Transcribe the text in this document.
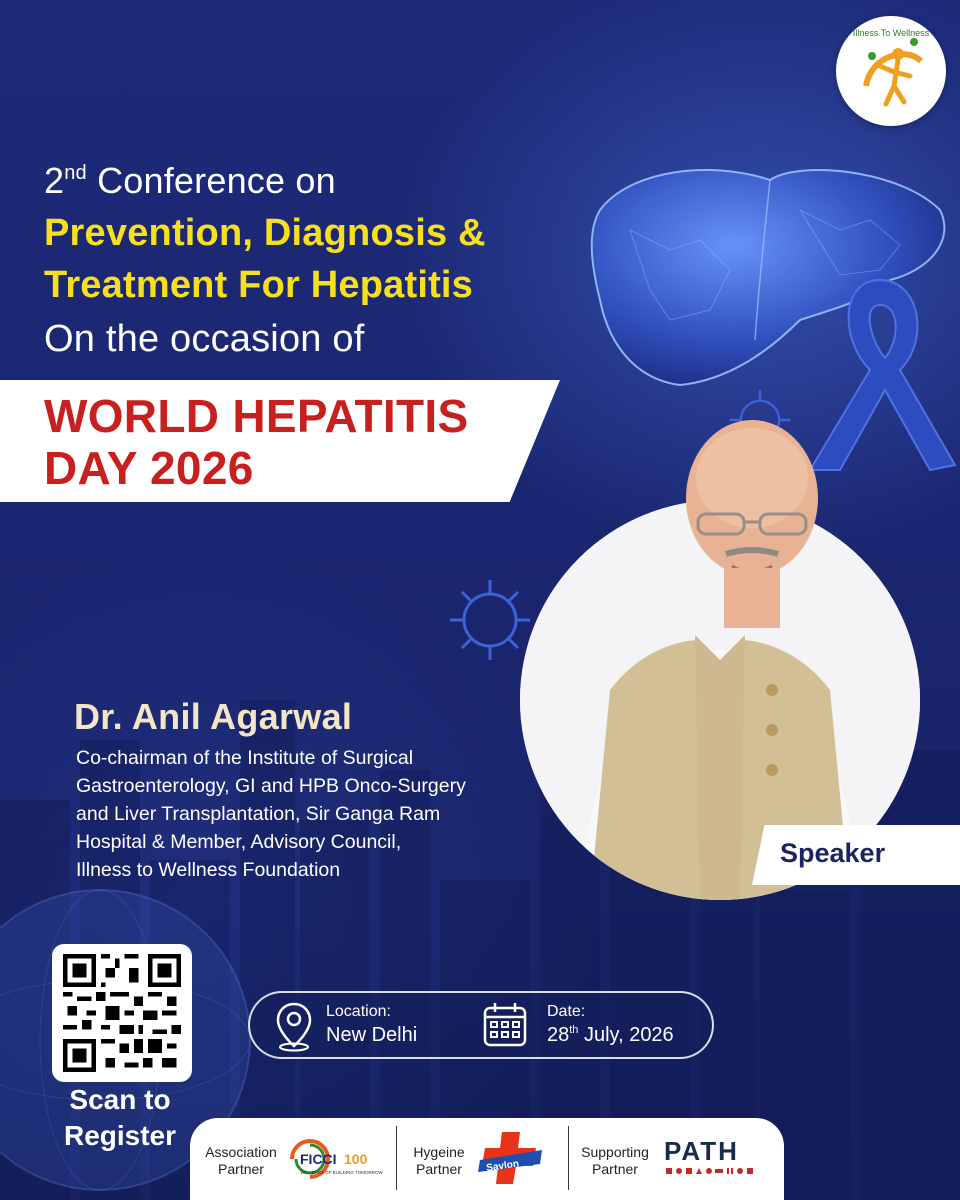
Illness To Wellness
2nd Conference on
Prevention, Diagnosis &
Treatment For Hepatitis
On the occasion of
WORLD HEPATITIS
DAY 2026
Speaker
Dr. Anil Agarwal
Co-chairman of the Institute of Surgical
Gastroenterology, GI and HPB Onco-Surgery
and Liver Transplantation, Sir Ganga Ram
Hospital & Member, Advisory Council,
Illness to Wellness Foundation
Scan to
Register
Location:
New Delhi
Date:
28th July, 2026
Association
Partner
FICCI 100
100 YEARS OF BUILDING TOMORROW
Hygeine
Partner	Savlon
Supporting
Partner
PATH
